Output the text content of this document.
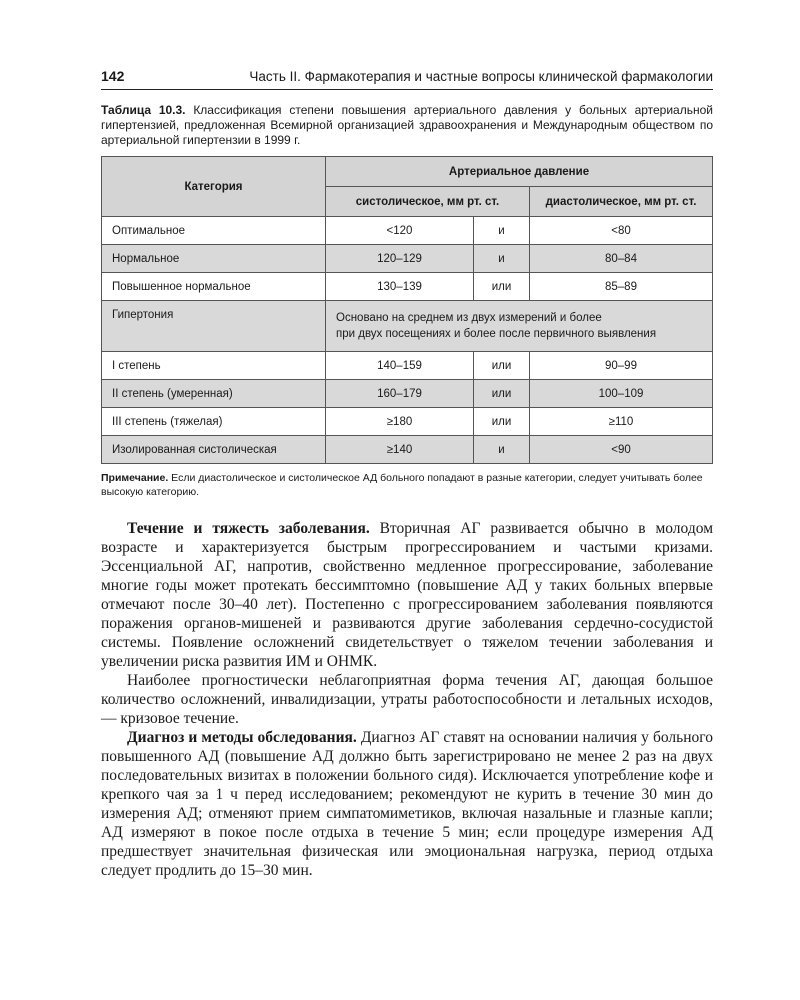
142	Часть II. Фармакотерапия и частные вопросы клинической фармакологии
Таблица 10.3. Классификация степени повышения артериального давления у больных артериальной гипертензией, предложенная Всемирной организацией здравоохранения и Международным обществом по артериальной гипертензии в 1999 г.
Категория	Артериальное давление		
	систолическое, мм рт. ст.		диастолическое, мм рт. ст.
Оптимальное	<120	и	<80
Нормальное	120–129	и	80–84
Повышенное нормальное	130–139	или	85–89
Гипертония	Основано на среднем из двух измерений и более
при двух посещениях и более после первичного выявления		

I степень	140–159	или	90–99
II степень (умеренная)	160–179	или	100–109
III степень (тяжелая)	≥180	или	≥110
Изолированная систолическая	≥140	и	<90
Примечание. Если диастолическое и систолическое АД больного попадают в разные категории, следует учитывать более высокую категорию.

Течение и тяжесть заболевания. Вторичная АГ развивается обычно в молодом возрасте и характеризуется быстрым прогрессированием и частыми кризами. Эссенциальной АГ, напротив, свойственно медленное прогрессирование, заболевание многие годы может протекать бессимптомно (повышение АД у таких больных впервые отмечают после 30–40 лет). Постепенно с прогрессированием заболевания появляются поражения органов-мишеней и развиваются другие заболевания сердечно-сосудистой системы. Появление осложнений свидетельствует о тяжелом течении заболевания и увеличении риска развития ИМ и ОНМК.

Наиболее прогностически неблагоприятная форма течения АГ, дающая большое количество осложнений, инвалидизации, утраты работоспособности и летальных исходов, — кризовое течение.

Диагноз и методы обследования. Диагноз АГ ставят на основании наличия у больного повышенного АД (повышение АД должно быть зарегистрировано не менее 2 раз на двух последовательных визитах в положении больного сидя). Исключается употребление кофе и крепкого чая за 1 ч перед исследованием; рекомендуют не курить в течение 30 мин до измерения АД; отменяют прием симпатомиметиков, включая назальные и глазные капли; АД измеряют в покое после отдыха в течение 5 мин; если процедуре измерения АД предшествует значительная физическая или эмоциональная нагрузка, период отдыха следует продлить до 15–30 мин.
